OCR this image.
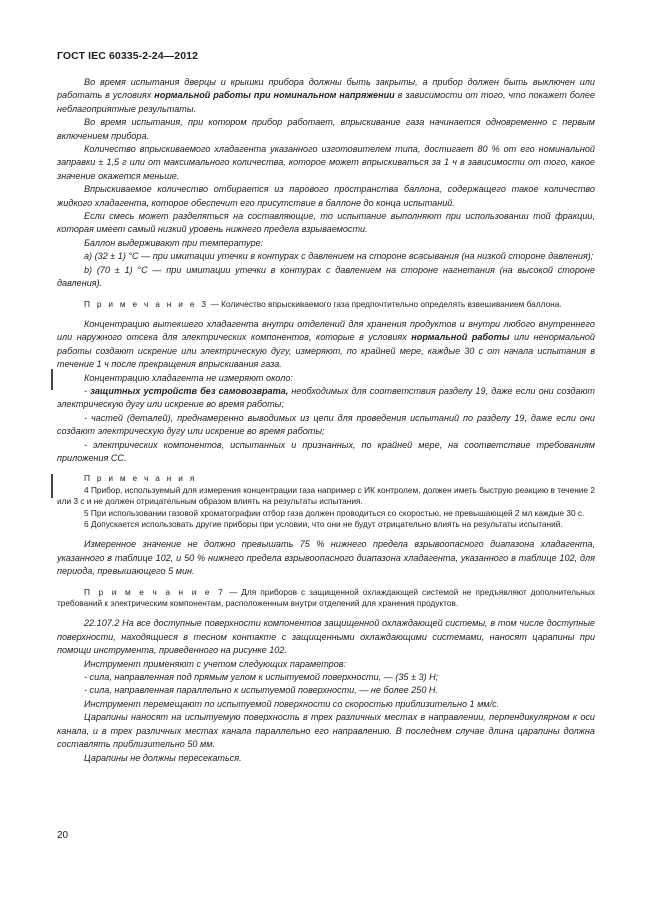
ГОСТ IEC 60335-2-24—2012
Во время испытания дверцы и крышки прибора должны быть закрыты, а прибор должен быть выключен или работать в условиях нормальной работы при номинальном напряжении в зависимости от того, что покажет более неблагоприятные результаты.
Во время испытания, при котором прибор работает, впрыскивание газа начинается одновременно с первым включением прибора.
Количество впрыскиваемого хладагента указанного изготовителем типа, достигает 80 % от его номинальной заправки ± 1,5 г или от максимального количества, которое может впрыскиваться за 1 ч в зависимости от того, какое значение окажется меньше.
Впрыскиваемое количество отбирается из парового пространства баллона, содержащего такое количество жидкого хладагента, которое обеспечит его присутствие в баллоне до конца испытаний.
Если смесь может разделяться на составляющие, то испытание выполняют при использовании той фракции, которая имеет самый низкий уровень нижнего предела взрываемости.
Баллон выдерживают при температуре:
a) (32 ± 1) °C — при имитации утечки в контурах с давлением на стороне всасывания (на низкой стороне давления);
b) (70 ± 1) °C — при имитации утечки в контурах с давлением на стороне нагнетания (на высокой стороне давления).
П р и м е ч а н и е 3 — Количество впрыскиваемого газа предпочтительно определять взвешиванием баллона.
Концентрацию вытекшего хладагента внутри отделений для хранения продуктов и внутри любого внутреннего или наружного отсека для электрических компонентов, которые в условиях нормальной работы или ненормальной работы создают искрение или электрическую дугу, измеряют, по крайней мере, каждые 30 с от начала испытания в течение 1 ч после прекращения впрыскивания газа.
Концентрацию хладагента не измеряют около:
- защитных устройств без самовозврата, необходимых для соответствия разделу 19, даже если они создают электрическую дугу или искрение во время работы;
- частей (деталей), преднамеренно выводимых из цепи для проведения испытаний по разделу 19, даже если они создают электрическую дугу или искрение во время работы;
- электрических компонентов, испытанных и признанных, по крайней мере, на соответствие требованиям приложения СС.
П р и м е ч а н и я
4 Прибор, используемый для измерения концентрации газа например с ИК контролем, должен иметь быструю реакцию в течение 2 или 3 с и не должен отрицательным образом влиять на результаты испытания.
5 При использовании газовой хроматографии отбор газа должен проводиться со скоростью, не превышающей 2 мл каждые 30 с.
6 Допускается использовать другие приборы при условии, что они не будут отрицательно влиять на результаты испытаний.
Измеренное значение не должно превышать 75 % нижнего предела взрывоопасного диапазона хладагента, указанного в таблице 102, и 50 % нижнего предела взрывоопасного диапазона хладагента, указанного в таблице 102, для периода, превышающего 5 мин.
П р и м е ч а н и е 7 — Для приборов с защищенной охлаждающей системой не предъявляют дополнительных требований к электрическим компонентам, расположенным внутри отделений для хранения продуктов.
22.107.2 На все доступные поверхности компонентов защищенной охлаждающей системы, в том числе доступные поверхности, находящиеся в тесном контакте с защищенными охлаждающими системами, наносят царапины при помощи инструмента, приведенного на рисунке 102.
Инструмент применяют с учетом следующих параметров:
- сила, направленная под прямым углом к испытуемой поверхности, — (35 ± 3) Н;
- сила, направленная параллельно к испытуемой поверхности, — не более 250 Н.
Инструмент перемещают по испытуемой поверхности со скоростью приблизительно 1 мм/с.
Царапины наносят на испытуемую поверхность в трех различных местах в направлении, перпендикулярном к оси канала, и в трех различных местах канала параллельно его направлению. В последнем случае длина царапины должна составлять приблизительно 50 мм.
Царапины не должны пересекаться.
20
